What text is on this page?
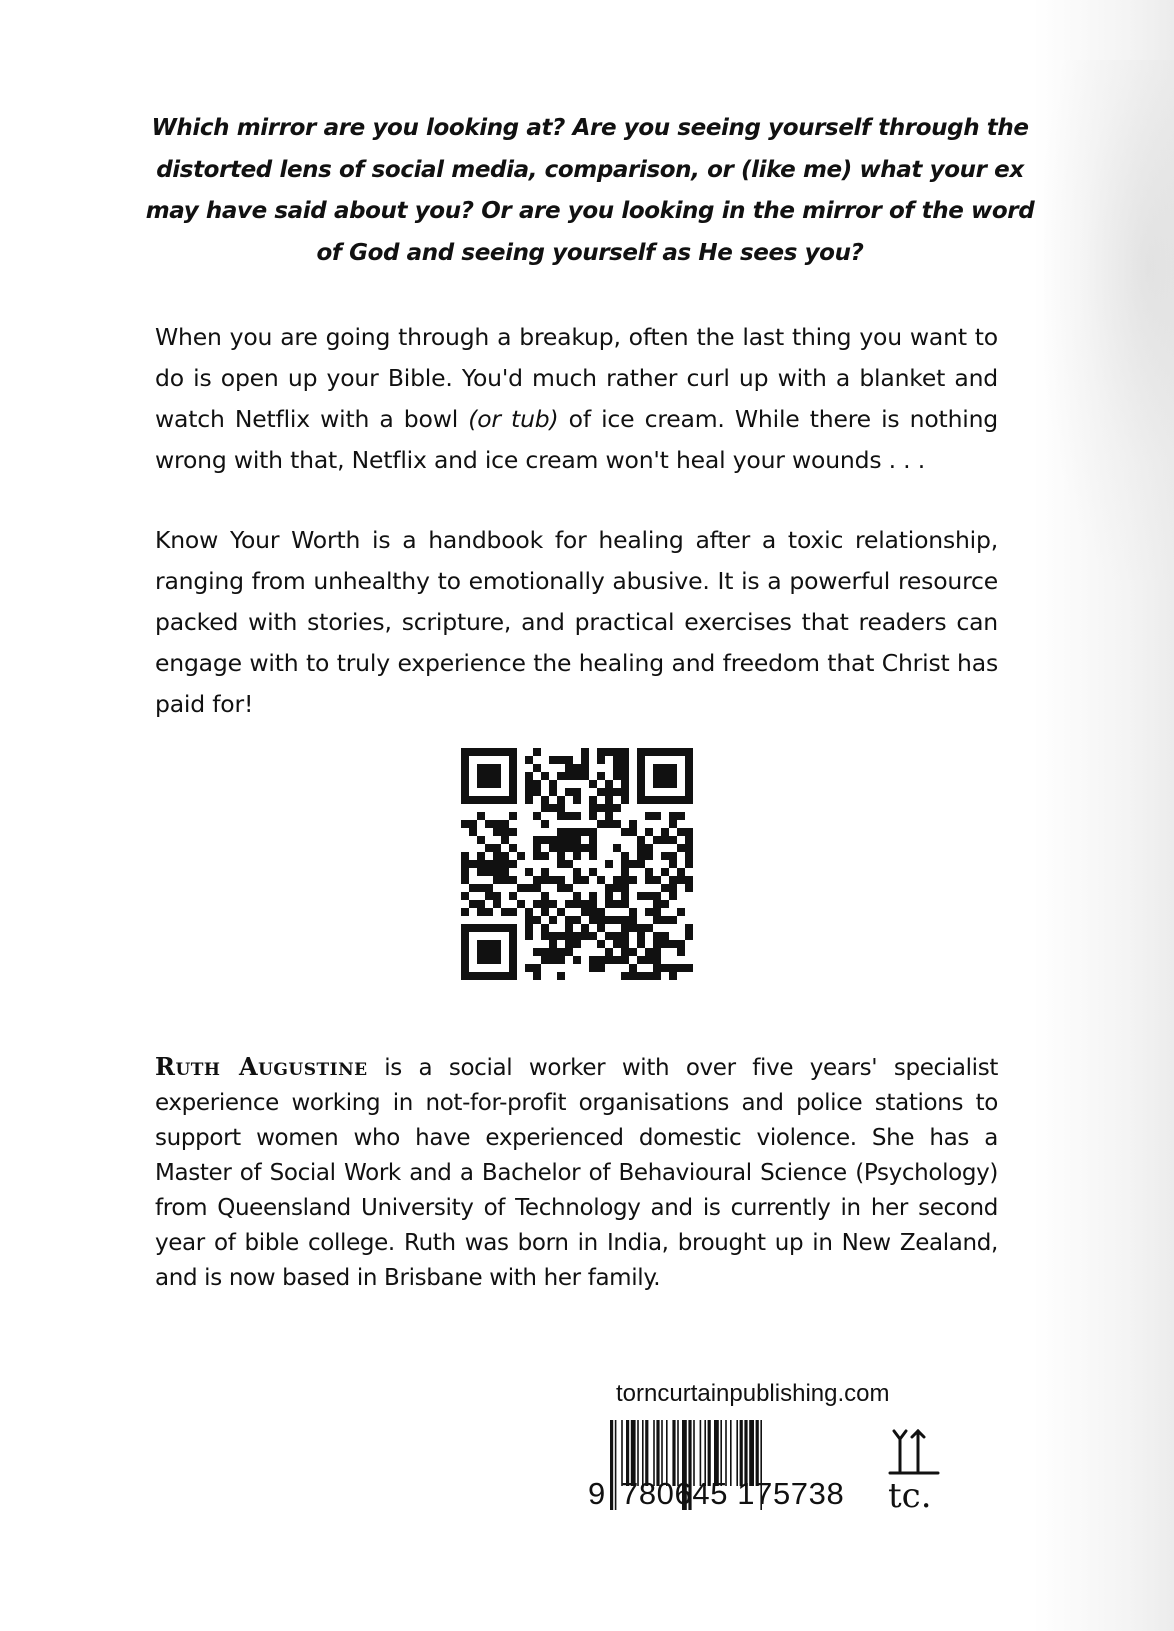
Which mirror are you looking at? Are you seeing yourself through the distorted lens of social media, comparison, or (like me) what your ex may have said about you? Or are you looking in the mirror of the word of God and seeing yourself as He sees you?

When you are going through a breakup, often the last thing you want to do is open up your Bible. You'd much rather curl up with a blanket and watch Netflix with a bowl (or tub) of ice cream. While there is nothing wrong with that, Netflix and ice cream won't heal your wounds . . .

Know Your Worth is a handbook for healing after a toxic relationship, ranging from unhealthy to emotionally abusive. It is a powerful resource packed with stories, scripture, and practical exercises that readers can engage with to truly experience the healing and freedom that Christ has paid for!

Ruth Augustine is a social worker with over five years' specialist experience working in not-for-profit organisations and police stations to support women who have experienced domestic violence. She has a Master of Social Work and a Bachelor of Behavioural Science (Psychology) from Queensland University of Technology and is currently in her second year of bible college. Ruth was born in India, brought up in New Zealand, and is now based in Brisbane with her family.

torncurtainpublishing.com
9 780645 175738 tc.
